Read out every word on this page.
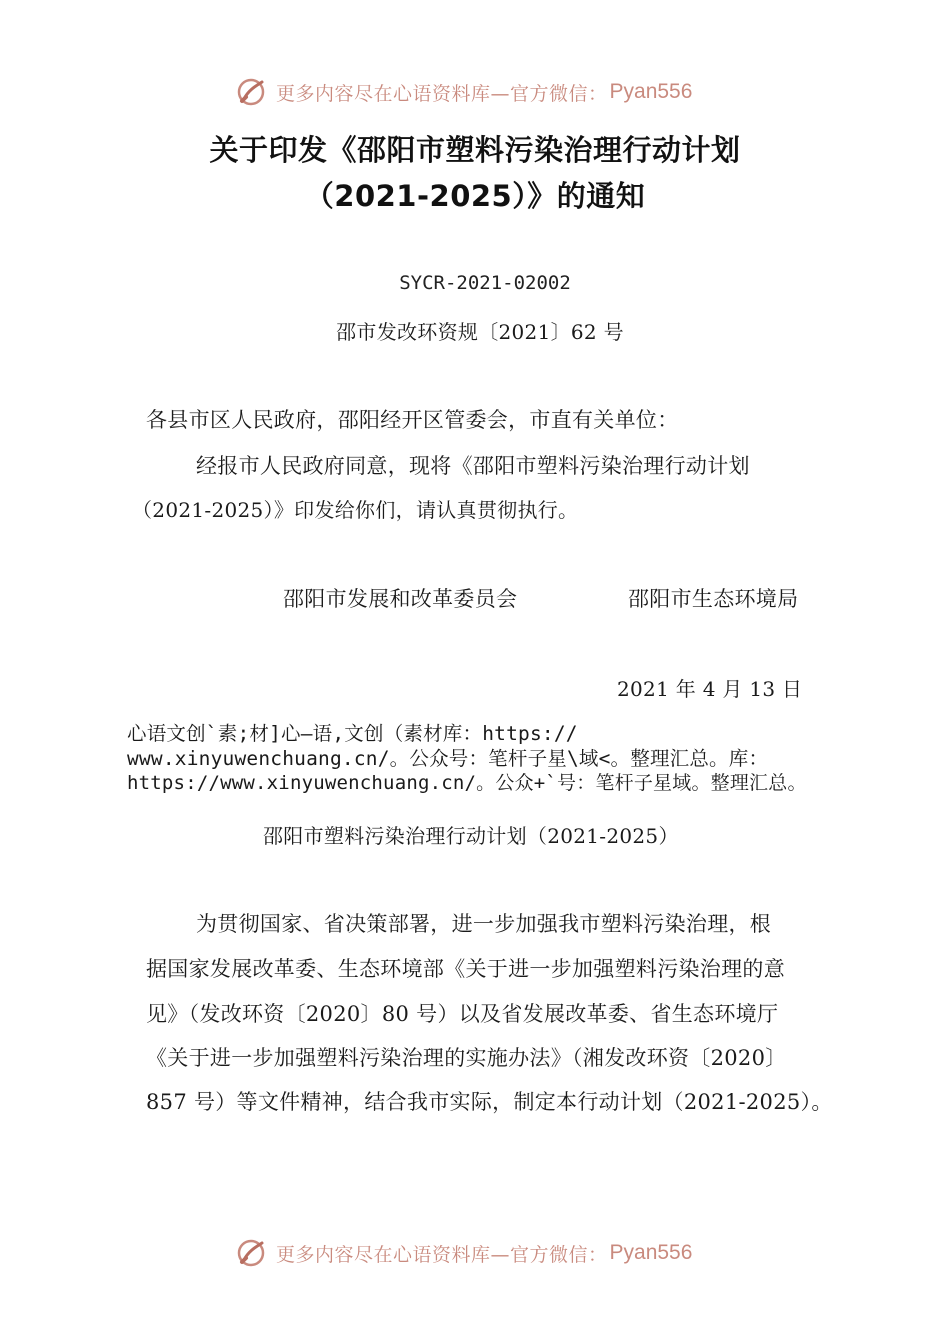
更多内容尽在心语资料库—官方微信： Pyan556
关于印发《邵阳市塑料污染治理行动计划
（2021-2025）》的通知
SYCR-2021-02002
邵市发改环资规〔2021〕62 号
各县市区人民政府，邵阳经开区管委会，市直有关单位：
经报市人民政府同意，现将《邵阳市塑料污染治理行动计划
（2021-2025）》印发给你们，请认真贯彻执行。
邵阳市发展和改革委员会	邵阳市生态环境局
2021 年 4 月 13 日
心语文创`素;材]心—语,文创（素材库：https://
www.xinyuwenchuang.cn/。公众号：笔杆子星\域<。整理汇总。库：
https://www.xinyuwenchuang.cn/。公众+`号：笔杆子星域。整理汇总。
邵阳市塑料污染治理行动计划（2021-2025）
为贯彻国家、省决策部署，进一步加强我市塑料污染治理，根
据国家发展改革委、生态环境部《关于进一步加强塑料污染治理的意
见》（发改环资〔2020〕80 号）以及省发展改革委、省生态环境厅
《关于进一步加强塑料污染治理的实施办法》（湘发改环资〔2020〕
857 号）等文件精神，结合我市实际，制定本行动计划（2021-2025）。
更多内容尽在心语资料库—官方微信： Pyan556
